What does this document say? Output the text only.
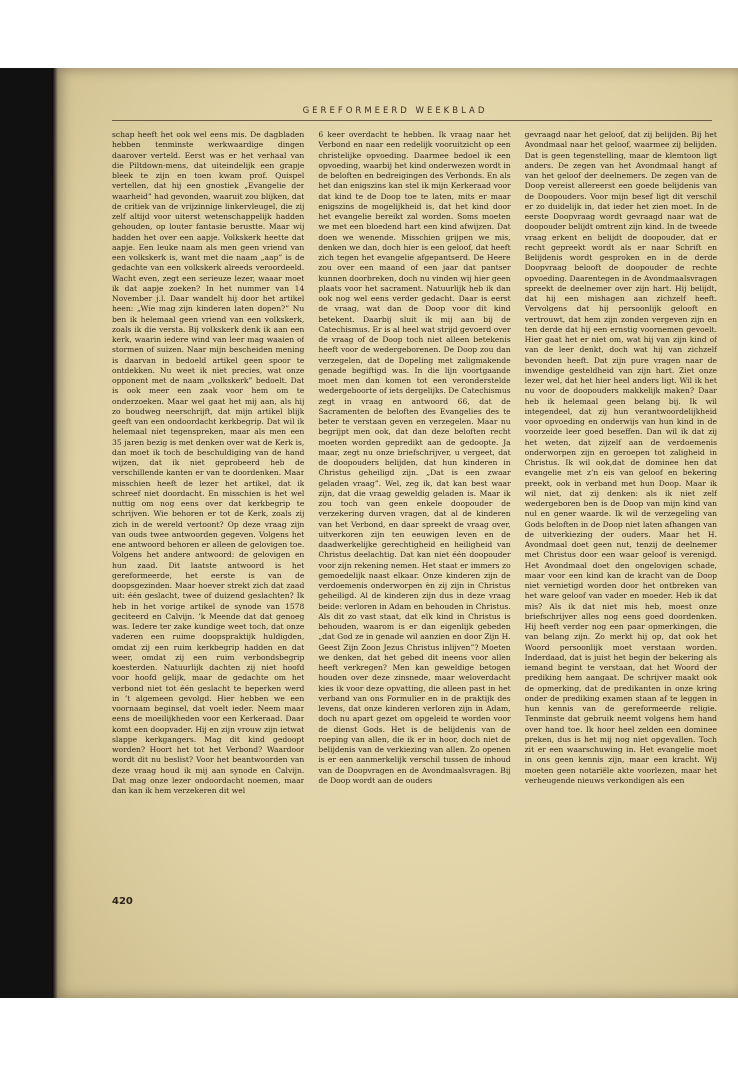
GEREFORMEERD WEEKBLAD
schap heeft het ook wel eens mis. De dagbladen hebben tenminste werkwaardige dingen daarover verteld. Eerst was er het verhaal van die Piltdown-mens, dat uiteindelijk een grapje bleek te zijn en toen kwam prof. Quispel vertellen, dat hij een gnostiek „Evangelie der waarheid” had gevonden, waaruit zou blijken, dat de critiek van de vrijzinnige linkervleugel, die zij zelf altijd voor uiterst wetenschappelijk hadden gehouden, op louter fantasie berustte. Maar wij hadden het over een aapje. Volkskerk heette dat aapje. Een leuke naam als men geen vriend van een volkskerk is, want met die naam „aap” is de gedachte van een volkskerk alreeds veroordeeld. Wacht even, zegt een serieuze lezer, waaar moet ik dat aapje zoeken? In het nummer van 14 November j.l. Daar wandelt hij door het artikel heen: „Wie mag zijn kinderen laten dopen?” Nu ben ik helemaal geen vriend van een volkskerk, zoals ik die versta. Bij volkskerk denk ik aan een kerk, waarin iedere wind van leer mag waaien of stormen of suizen. Naar mijn bescheiden mening is daarvan in bedoeld artikel geen spoor te ontdekken. Nu weet ik niet precies, wat onze opponent met de naam „volkskerk” bedoelt. Dat is ook meer een zaak voor hem om te onderzoeken. Maar wel gaat het mij aan, als hij zo boudweg neerschrijft, dat mijn artikel blijk geeft van een ondoordacht kerkbegrip. Dat wil ik helemaal niet tegenspreken, maar als men een 35 jaren bezig is met denken over wat de Kerk is, dan moet ik toch de beschuldiging van de hand wijzen, dat ik niet geprobeerd heb de verschillende kanten er van te doordenken. Maar misschien heeft de lezer het artikel, dat ik schreef niet doordacht. En misschien is het wel nuttig om nog eens over dat kerkbegrip te schrijven. Wie behoren er tot de Kerk, zoals zij zich in de wereld vertoont? Op deze vraag zijn van ouds twee antwoorden gegeven. Volgens het ene antwoord behoren er alleen de gelovigen toe. Volgens het andere antwoord: de gelovigen en hun zaad. Dit laatste antwoord is het gereformeerde, het eerste is van de doopsgezinden. Maar hoever strekt zich dat zaad uit: één geslacht, twee of duizend geslachten? Ik heb in het vorige artikel de synode van 1578 geciteerd en Calvijn. ’k Meende dat dat genoeg was. Iedere ter zake kundige weet toch, dat onze vaderen een ruime doopspraktijk huldigden, omdat zij een ruim kerkbegrip hadden en dat weer, omdat zij een ruim verbondsbegrip koesterden. Natuurlijk dachten zij niet hoofd voor hoofd gelijk, maar de gedachte om het verbond niet tot één geslacht te beperken werd in ’t algemeen gevolgd. Hier hebben we een voornaam beginsel, dat voelt ieder. Neem maar eens de moeilijkheden voor een Kerkeraad. Daar komt een doopvader. Hij en zijn vrouw zijn ietwat slappe kerkgangers. Mag dit kind gedoopt worden? Hoort het tot het Verbond? Waardoor wordt dit nu beslist? Voor het beantwoorden van deze vraag houd ik mij aan synode en Calvijn. Dat mag onze lezer ondoordacht noemen, maar dan kan ik hem verzekeren dit wel
6 keer overdacht te hebben. Ik vraag naar het Verbond en naar een redelijk vooruitzicht op een christelijke opvoeding. Daarmee bedoel ik een opvoeding, waarbij het kind onderwezen wordt in de beloften en bedreigingen des Verbonds. En als het dan enigszins kan stel ik mijn Kerkeraad voor dat kind te de Doop toe te laten, mits er maar enigszins de mogelijkheid is, dat het kind door het evangelie bereikt zal worden. Soms moeten we met een bloedend hart een kind afwijzen. Dat doen we wenende. Misschien grijpen we mis, denken we dan, doch hier is een geloof, dat heeft zich tegen het evangelie afgepantserd. De Heere zou over een maand of een jaar dat pantser kunnen doorbreken, doch nu vinden wij hier geen plaats voor het sacrament. Natuurlijk heb ik dan ook nog wel eens verder gedacht. Daar is eerst de vraag, wat dan de Doop voor dit kind betekent. Daarbij sluit ik mij aan bij de Catechismus. Er is al heel wat strijd gevoerd over de vraag of de Doop toch niet alleen betekenis heeft voor de wedergeborenen. De Doop zou dan verzegelen, dat de Dopeling met zaligmakende genade begiftigd was. In die lijn voortgaande moet men dan komen tot een veronderstelde wedergeboorte of iets dergelijks. De Catechismus zegt in vraag en antwoord 66, dat de Sacramenten de beloften des Evangelies des te beter te verstaan geven en verzegelen. Maar nu begrijpt men ook, dat dan deze beloften recht moeten worden gepredikt aan de gedoopte. Ja maar, zegt nu onze briefschrijver, u vergeet, dat de doopouders belijden, dat hun kinderen in Christus geheiligd zijn. „Dat is een zwaar geladen vraag”. Wel, zeg ik, dat kan best waar zijn, dat die vraag geweldig geladen is. Maar ik zou toch van geen enkele doopouder de verzekering durven vragen, dat al de kinderen van het Verbond, en daar spreekt de vraag over, uitverkoren zijn ten eeuwigen leven en de daadwerkelijke gerechtigheid en heiligheid van Christus deelachtig. Dat kan niet één doopouder voor zijn rekening nemen. Het staat er immers zo gemoedelijk naast elkaar. Onze kinderen zijn de verdoemenis onderworpen èn zij zijn in Christus geheiligd. Al de kinderen zijn dus in deze vraag beide: verloren in Adam en behouden in Christus. Als dit zo vast staat, dat elk kind in Christus is behouden, waarom is er dan eigenlijk gebeden „dat God ze in genade wil aanzien en door Zijn H. Geest Zijn Zoon Jezus Christus inlijven”? Moeten we denken, dat het gebed dit ineens voor allen heeft verkregen? Men kan geweldige betogen houden over deze zinsnede, maar weloverdacht kies ik voor deze opvatting, die alleen past in het verband van ons Formulier en in de praktijk des levens, dat onze kinderen verloren zijn in Adam, doch nu apart gezet om opgeleid te worden voor de dienst Gods. Het is de belijdenis van de roeping van allen, die ik er in hoor, doch niet de belijdenis van de verkiezing van allen. Zo openen is er een aanmerkelijk verschil tussen de inhoud van de Doopvragen en de Avondmaalsvragen. Bij de Doop wordt aan de ouders
gevraagd naar het geloof, dat zij belijden. Bij het Avondmaal naar het geloof, waarmee zij belijden. Dat is geen tegenstelling, maar de klemtoon ligt anders. De zegen van het Avondmaal hangt af van het geloof der deelnemers. De zegen van de Doop vereist allereerst een goede belijdenis van de Doopouders. Voor mijn besef ligt dit verschil er zo duidelijk in, dat ieder het zien moet. In de eerste Doopvraag wordt gevraagd naar wat de doopouder belijdt omtrent zijn kind. In de tweede vraag erkent en belijdt de doopouder, dat er recht gepreekt wordt als er naar Schrift en Belijdenis wordt gesproken en in de derde Doopvraag belooft de doopouder de rechte opvoeding. Daarentegen in de Avondmaalsvragen spreekt de deelnemer over zijn hart. Hij belijdt, dat hij een mishagen aan zichzelf heeft. Vervolgens dat hij persoonlijk gelooft en vertrouwt, dat hem zijn zonden vergeven zijn en ten derde dat hij een ernstig voornemen gevoelt. Hier gaat het er niet om, wat hij van zijn kind of van de leer denkt, doch wat hij van zichzelf bevonden heeft. Dat zijn pure vragen naar de inwendige gesteldheid van zijn hart. Ziet onze lezer wel, dat het hier heel anders ligt. Wil ik het nu voor de doopouders makkelijk maken? Daar heb ik helemaal geen belang bij. Ik wil integendeel, dat zij hun verantwoordelijkheid voor opvoeding en onderwijs van hun kind in de voorzeide leer goed beseffen. Dan wil ik dat zij het weten, dat zijzelf aan de verdoemenis onderworpen zijn en geroepen tot zaligheid in Christus. Ik wil ook,dat de dominee hen dat evangelie met z’n eis van geloof en bekering preekt, ook in verband met hun Doop. Maar ik wil niet, dat zij denken: als ik niet zelf wedergeboren ben is de Doop van mijn kind van nul en gener waarde. Ik wil de verzegeling van Gods beloften in de Doop niet laten afhangen van de uitverkiezing der ouders. Maar het H. Avondmaal doet geen nut, tenzij de deelnemer met Christus door een waar geloof is verenigd. Het Avondmaal doet den ongelovigen schade, maar voor een kind kan de kracht van de Doop niet vernietigd worden door het ontbreken van het ware geloof van vader en moeder. Heb ik dat mis? Als ik dat niet mis heb, moest onze briefschrijver alles nog eens goed doordenken. Hij heeft verder nog een paar opmerkingen, die van belang zijn. Zo merkt hij op, dat ook het Woord persoonlijk moet verstaan worden. Inderdaad, dat is juist het begin der bekering als iemand begint te verstaan, dat het Woord der prediking hem aangaat. De schrijver maakt ook de opmerking, dat de predikanten in onze kring onder de prediking examen staan af te leggen in hun kennis van de gereformeerde religie. Tenminste dat gebruik neemt volgens hem hand over hand toe. Ik hoor heel zelden een dominee preken, dus is het mij nog niet opgevallen. Toch zit er een waarschuwing in. Het evangelie moet in ons geen kennis zijn, maar een kracht. Wij moeten geen notariële akte voorlezen, maar het verheugende nieuws verkondigen als een
420
